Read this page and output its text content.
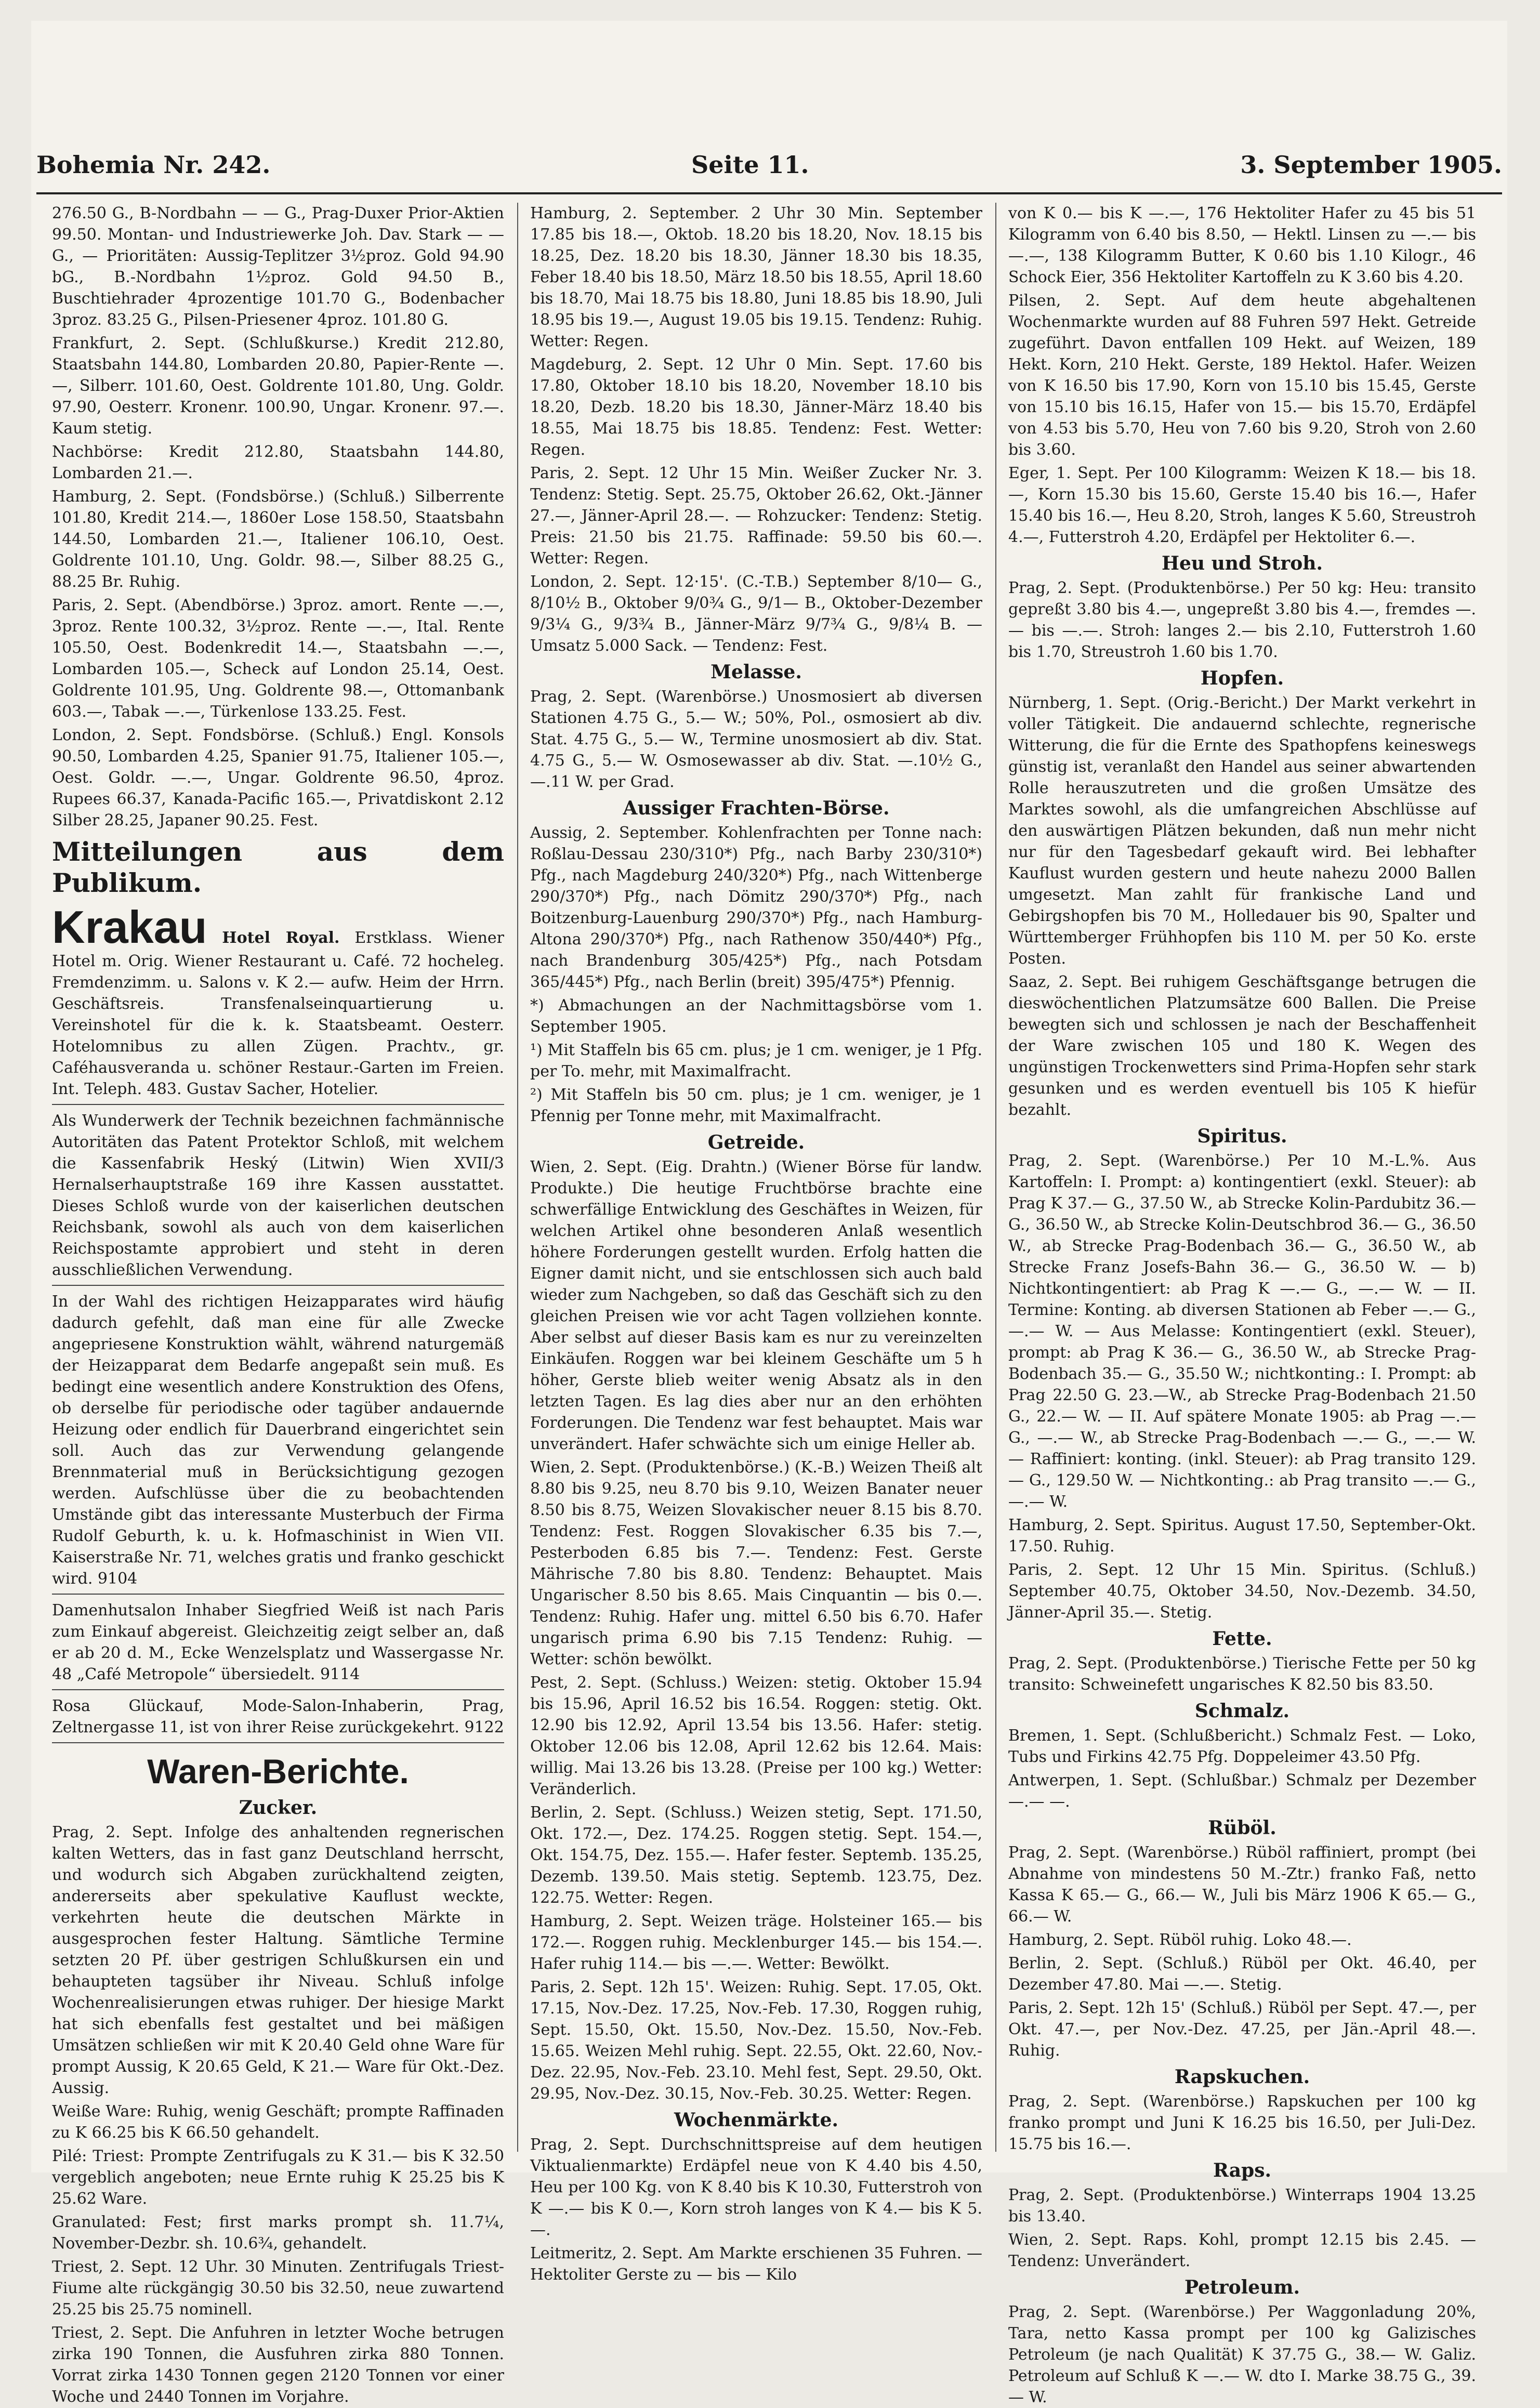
Bohemia Nr. 242.	Seite 11.	3. September 1905.

276.50 G., B-Nordbahn — — G., Prag-Duxer Prior-Aktien 99.50. Montan- und Industriewerke Joh. Dav. Stark — — G., — Prioritäten: Aussig-Teplitzer 3½proz. Gold 94.90 bG., B.-Nordbahn 1½proz. Gold 94.50 B., Buschtiehrader 4prozentige 101.70 G., Bodenbacher 3proz. 83.25 G., Pilsen-Priesener 4proz. 101.80 G.

Frankfurt, 2. Sept. (Schlußkurse.) Kredit 212.80, Staatsbahn 144.80, Lombarden 20.80, Papier-Rente —.—, Silberr. 101.60, Oest. Goldrente 101.80, Ung. Goldr. 97.90, Oesterr. Kronenr. 100.90, Ungar. Kronenr. 97.—. Kaum stetig.

Nachbörse: Kredit 212.80, Staatsbahn 144.80, Lombarden 21.—.

Hamburg, 2. Sept. (Fondsbörse.) (Schluß.) Silberrente 101.80, Kredit 214.—, 1860er Lose 158.50, Staatsbahn 144.50, Lombarden 21.—, Italiener 106.10, Oest. Goldrente 101.10, Ung. Goldr. 98.—, Silber 88.25 G., 88.25 Br. Ruhig.

Paris, 2. Sept. (Abendbörse.) 3proz. amort. Rente —.—, 3proz. Rente 100.32, 3½proz. Rente —.—, Ital. Rente 105.50, Oest. Bodenkredit 14.—, Staatsbahn —.—, Lombarden 105.—, Scheck auf London 25.14, Oest. Goldrente 101.95, Ung. Goldrente 98.—, Ottomanbank 603.—, Tabak —.—, Türkenlose 133.25. Fest.

London, 2. Sept. Fondsbörse. (Schluß.) Engl. Konsols 90.50, Lombarden 4.25, Spanier 91.75, Italiener 105.—, Oest. Goldr. —.—, Ungar. Goldrente 96.50, 4proz. Rupees 66.37, Kanada-Pacific 165.—, Privatdiskont 2.12 Silber 28.25, Japaner 90.25. Fest.

Mitteilungen aus dem Publikum.
Krakau Hotel Royal. Erstklass. Wiener Hotel m. Orig. Wiener Restaurant u. Café. 72 hocheleg. Fremdenzimm. u. Salons v. K 2.— aufw. Heim der Hrrn. Geschäftsreis. Transfenalseinquartierung u. Vereinshotel für die k. k. Staatsbeamt. Oesterr. Hotelomnibus zu allen Zügen. Prachtv., gr. Caféhausveranda u. schöner Restaur.-Garten im Freien. Int. Teleph. 483. Gustav Sacher, Hotelier.

Als Wunderwerk der Technik bezeichnen fachmännische Autoritäten das Patent Protektor Schloß, mit welchem die Kassenfabrik Heský (Litwin) Wien XVII/3 Hernalserhauptstraße 169 ihre Kassen ausstattet. Dieses Schloß wurde von der kaiserlichen deutschen Reichsbank, sowohl als auch von dem kaiserlichen Reichspostamte approbiert und steht in deren ausschließlichen Verwendung.

In der Wahl des richtigen Heizapparates wird häufig dadurch gefehlt, daß man eine für alle Zwecke angepriesene Konstruktion wählt, während naturgemäß der Heizapparat dem Bedarfe angepaßt sein muß. Es bedingt eine wesentlich andere Konstruktion des Ofens, ob derselbe für periodische oder tagüber andauernde Heizung oder endlich für Dauerbrand eingerichtet sein soll. Auch das zur Verwendung gelangende Brennmaterial muß in Berücksichtigung gezogen werden. Aufschlüsse über die zu beobachtenden Umstände gibt das interessante Musterbuch der Firma Rudolf Geburth, k. u. k. Hofmaschinist in Wien VII. Kaiserstraße Nr. 71, welches gratis und franko geschickt wird. 9104

Damenhutsalon Inhaber Siegfried Weiß ist nach Paris zum Einkauf abgereist. Gleichzeitig zeigt selber an, daß er ab 20 d. M., Ecke Wenzelsplatz und Wassergasse Nr. 48 „Café Metropole“ übersiedelt. 9114

Rosa Glückauf, Mode-Salon-Inhaberin, Prag, Zeltnergasse 11, ist von ihrer Reise zurückgekehrt. 9122

Waren-Berichte.
Zucker.

Prag, 2. Sept. Infolge des anhaltenden regnerischen kalten Wetters, das in fast ganz Deutschland herrscht, und wodurch sich Abgaben zurückhaltend zeigten, andererseits aber spekulative Kauflust weckte, verkehrten heute die deutschen Märkte in ausgesprochen fester Haltung. Sämtliche Termine setzten 20 Pf. über gestrigen Schlußkursen ein und behaupteten tagsüber ihr Niveau. Schluß infolge Wochenrealisierungen etwas ruhiger. Der hiesige Markt hat sich ebenfalls fest gestaltet und bei mäßigen Umsätzen schließen wir mit K 20.40 Geld ohne Ware für prompt Aussig, K 20.65 Geld, K 21.— Ware für Okt.-Dez. Aussig.

Weiße Ware: Ruhig, wenig Geschäft; prompte Raffinaden zu K 66.25 bis K 66.50 gehandelt.

Pilé: Triest: Prompte Zentrifugals zu K 31.— bis K 32.50 vergeblich angeboten; neue Ernte ruhig K 25.25 bis K 25.62 Ware.

Granulated: Fest; first marks prompt sh. 11.7¼, November-Dezbr. sh. 10.6¾, gehandelt.

Triest, 2. Sept. 12 Uhr. 30 Minuten. Zentrifugals Triest-Fiume alte rückgängig 30.50 bis 32.50, neue zuwartend 25.25 bis 25.75 nominell.

Triest, 2. Sept. Die Anfuhren in letzter Woche betrugen zirka 190 Tonnen, die Ausfuhren zirka 880 Tonnen. Vorrat zirka 1430 Tonnen gegen 2120 Tonnen vor einer Woche und 2440 Tonnen im Vorjahre.

Hamburg, 2. September. 2 Uhr 30 Min. September 17.85 bis 18.—, Oktob. 18.20 bis 18.20, Nov. 18.15 bis 18.25, Dez. 18.20 bis 18.30, Jänner 18.30 bis 18.35, Feber 18.40 bis 18.50, März 18.50 bis 18.55, April 18.60 bis 18.70, Mai 18.75 bis 18.80, Juni 18.85 bis 18.90, Juli 18.95 bis 19.—, August 19.05 bis 19.15. Tendenz: Ruhig. Wetter: Regen.

Magdeburg, 2. Sept. 12 Uhr 0 Min. Sept. 17.60 bis 17.80, Oktober 18.10 bis 18.20, November 18.10 bis 18.20, Dezb. 18.20 bis 18.30, Jänner-März 18.40 bis 18.55, Mai 18.75 bis 18.85. Tendenz: Fest. Wetter: Regen.

Paris, 2. Sept. 12 Uhr 15 Min. Weißer Zucker Nr. 3. Tendenz: Stetig. Sept. 25.75, Oktober 26.62, Okt.-Jänner 27.—, Jänner-April 28.—. — Rohzucker: Tendenz: Stetig. Preis: 21.50 bis 21.75. Raffinade: 59.50 bis 60.—. Wetter: Regen.

London, 2. Sept. 12·15'. (C.-T.B.) September 8/10— G., 8/10½ B., Oktober 9/0¾ G., 9/1— B., Oktober-Dezember 9/3¼ G., 9/3¾ B., Jänner-März 9/7¾ G., 9/8¼ B. — Umsatz 5.000 Sack. — Tendenz: Fest.

Melasse.

Prag, 2. Sept. (Warenbörse.) Unosmosiert ab diversen Stationen 4.75 G., 5.— W.; 50%, Pol., osmosiert ab div. Stat. 4.75 G., 5.— W., Termine unosmosiert ab div. Stat. 4.75 G., 5.— W. Osmosewasser ab div. Stat. —.10½ G., —.11 W. per Grad.

Aussiger Frachten-Börse.

Aussig, 2. September. Kohlenfrachten per Tonne nach: Roßlau-Dessau 230/310*) Pfg., nach Barby 230/310*) Pfg., nach Magdeburg 240/320*) Pfg., nach Wittenberge 290/370*) Pfg., nach Dömitz 290/370*) Pfg., nach Boitzenburg-Lauenburg 290/370*) Pfg., nach Hamburg-Altona 290/370*) Pfg., nach Rathenow 350/440*) Pfg., nach Brandenburg 305/425*) Pfg., nach Potsdam 365/445*) Pfg., nach Berlin (breit) 395/475*) Pfennig.

*) Abmachungen an der Nachmittagsbörse vom 1. September 1905.

¹) Mit Staffeln bis 65 cm. plus; je 1 cm. weniger, je 1 Pfg. per To. mehr, mit Maximalfracht.

²) Mit Staffeln bis 50 cm. plus; je 1 cm. weniger, je 1 Pfennig per Tonne mehr, mit Maximalfracht.

Getreide.

Wien, 2. Sept. (Eig. Drahtn.) (Wiener Börse für landw. Produkte.) Die heutige Fruchtbörse brachte eine schwerfällige Entwicklung des Geschäftes in Weizen, für welchen Artikel ohne besonderen Anlaß wesentlich höhere Forderungen gestellt wurden. Erfolg hatten die Eigner damit nicht, und sie entschlossen sich auch bald wieder zum Nachgeben, so daß das Geschäft sich zu den gleichen Preisen wie vor acht Tagen vollziehen konnte. Aber selbst auf dieser Basis kam es nur zu vereinzelten Einkäufen. Roggen war bei kleinem Geschäfte um 5 h höher, Gerste blieb weiter wenig Absatz als in den letzten Tagen. Es lag dies aber nur an den erhöhten Forderungen. Die Tendenz war fest behauptet. Mais war unverändert. Hafer schwächte sich um einige Heller ab.

Wien, 2. Sept. (Produktenbörse.) (K.-B.) Weizen Theiß alt 8.80 bis 9.25, neu 8.70 bis 9.10, Weizen Banater neuer 8.50 bis 8.75, Weizen Slovakischer neuer 8.15 bis 8.70. Tendenz: Fest. Roggen Slovakischer 6.35 bis 7.—, Pesterboden 6.85 bis 7.—. Tendenz: Fest. Gerste Mährische 7.80 bis 8.80. Tendenz: Behauptet. Mais Ungarischer 8.50 bis 8.65. Mais Cinquantin — bis 0.—. Tendenz: Ruhig. Hafer ung. mittel 6.50 bis 6.70. Hafer ungarisch prima 6.90 bis 7.15 Tendenz: Ruhig. — Wetter: schön bewölkt.

Pest, 2. Sept. (Schluss.) Weizen: stetig. Oktober 15.94 bis 15.96, April 16.52 bis 16.54. Roggen: stetig. Okt. 12.90 bis 12.92, April 13.54 bis 13.56. Hafer: stetig. Oktober 12.06 bis 12.08, April 12.62 bis 12.64. Mais: willig. Mai 13.26 bis 13.28. (Preise per 100 kg.) Wetter: Veränderlich.

Berlin, 2. Sept. (Schluss.) Weizen stetig, Sept. 171.50, Okt. 172.—, Dez. 174.25. Roggen stetig. Sept. 154.—, Okt. 154.75, Dez. 155.—. Hafer fester. Septemb. 135.25, Dezemb. 139.50. Mais stetig. Septemb. 123.75, Dez. 122.75. Wetter: Regen.

Hamburg, 2. Sept. Weizen träge. Holsteiner 165.— bis 172.—. Roggen ruhig. Mecklenburger 145.— bis 154.—. Hafer ruhig 114.— bis —.—. Wetter: Bewölkt.

Paris, 2. Sept. 12h 15'. Weizen: Ruhig. Sept. 17.05, Okt. 17.15, Nov.-Dez. 17.25, Nov.-Feb. 17.30, Roggen ruhig, Sept. 15.50, Okt. 15.50, Nov.-Dez. 15.50, Nov.-Feb. 15.65. Weizen Mehl ruhig. Sept. 22.55, Okt. 22.60, Nov.-Dez. 22.95, Nov.-Feb. 23.10. Mehl fest, Sept. 29.50, Okt. 29.95, Nov.-Dez. 30.15, Nov.-Feb. 30.25. Wetter: Regen.

Wochenmärkte.

Prag, 2. Sept. Durchschnittspreise auf dem heutigen Viktualienmarkte) Erdäpfel neue von K 4.40 bis 4.50, Heu per 100 Kg. von K 8.40 bis K 10.30, Futterstroh von K —.— bis K 0.—, Korn stroh langes von K 4.— bis K 5.—.

Leitmeritz, 2. Sept. Am Markte erschienen 35 Fuhren. — Hektoliter Gerste zu — bis — Kilo

von K 0.— bis K —.—, 176 Hektoliter Hafer zu 45 bis 51 Kilogramm von 6.40 bis 8.50, — Hektl. Linsen zu —.— bis —.—, 138 Kilogramm Butter, K 0.60 bis 1.10 Kilogr., 46 Schock Eier, 356 Hektoliter Kartoffeln zu K 3.60 bis 4.20.

Pilsen, 2. Sept. Auf dem heute abgehaltenen Wochenmarkte wurden auf 88 Fuhren 597 Hekt. Getreide zugeführt. Davon entfallen 109 Hekt. auf Weizen, 189 Hekt. Korn, 210 Hekt. Gerste, 189 Hektol. Hafer. Weizen von K 16.50 bis 17.90, Korn von 15.10 bis 15.45, Gerste von 15.10 bis 16.15, Hafer von 15.— bis 15.70, Erdäpfel von 4.53 bis 5.70, Heu von 7.60 bis 9.20, Stroh von 2.60 bis 3.60.

Eger, 1. Sept. Per 100 Kilogramm: Weizen K 18.— bis 18.—, Korn 15.30 bis 15.60, Gerste 15.40 bis 16.—, Hafer 15.40 bis 16.—, Heu 8.20, Stroh, langes K 5.60, Streustroh 4.—, Futterstroh 4.20, Erdäpfel per Hektoliter 6.—.

Heu und Stroh.

Prag, 2. Sept. (Produktenbörse.) Per 50 kg: Heu: transito gepreßt 3.80 bis 4.—, ungepreßt 3.80 bis 4.—, fremdes —.— bis —.—. Stroh: langes 2.— bis 2.10, Futterstroh 1.60 bis 1.70, Streustroh 1.60 bis 1.70.

Hopfen.

Nürnberg, 1. Sept. (Orig.-Bericht.) Der Markt verkehrt in voller Tätigkeit. Die andauernd schlechte, regnerische Witterung, die für die Ernte des Spathopfens keineswegs günstig ist, veranlaßt den Handel aus seiner abwartenden Rolle herauszutreten und die großen Umsätze des Marktes sowohl, als die umfangreichen Abschlüsse auf den auswärtigen Plätzen bekunden, daß nun mehr nicht nur für den Tagesbedarf gekauft wird. Bei lebhafter Kauflust wurden gestern und heute nahezu 2000 Ballen umgesetzt. Man zahlt für frankische Land und Gebirgshopfen bis 70 M., Holledauer bis 90, Spalter und Württemberger Frühhopfen bis 110 M. per 50 Ko. erste Posten.

Saaz, 2. Sept. Bei ruhigem Geschäftsgange betrugen die dieswöchentlichen Platzumsätze 600 Ballen. Die Preise bewegten sich und schlossen je nach der Beschaffenheit der Ware zwischen 105 und 180 K. Wegen des ungünstigen Trockenwetters sind Prima-Hopfen sehr stark gesunken und es werden eventuell bis 105 K hiefür bezahlt.

Spiritus.

Prag, 2. Sept. (Warenbörse.) Per 10 M.-L.%. Aus Kartoffeln: I. Prompt: a) kontingentiert (exkl. Steuer): ab Prag K 37.— G., 37.50 W., ab Strecke Kolin-Pardubitz 36.— G., 36.50 W., ab Strecke Kolin-Deutschbrod 36.— G., 36.50 W., ab Strecke Prag-Bodenbach 36.— G., 36.50 W., ab Strecke Franz Josefs-Bahn 36.— G., 36.50 W. — b) Nichtkontingentiert: ab Prag K —.— G., —.— W. — II. Termine: Konting. ab diversen Stationen ab Feber —.— G., —.— W. — Aus Melasse: Kontingentiert (exkl. Steuer), prompt: ab Prag K 36.— G., 36.50 W., ab Strecke Prag-Bodenbach 35.— G., 35.50 W.; nichtkonting.: I. Prompt: ab Prag 22.50 G. 23.—W., ab Strecke Prag-Bodenbach 21.50 G., 22.— W. — II. Auf spätere Monate 1905: ab Prag —.— G., —.— W., ab Strecke Prag-Bodenbach —.— G., —.— W. — Raffiniert: konting. (inkl. Steuer): ab Prag transito 129.— G., 129.50 W. — Nichtkonting.: ab Prag transito —.— G., —.— W.

Hamburg, 2. Sept. Spiritus. August 17.50, September-Okt. 17.50. Ruhig.

Paris, 2. Sept. 12 Uhr 15 Min. Spiritus. (Schluß.) September 40.75, Oktober 34.50, Nov.-Dezemb. 34.50, Jänner-April 35.—. Stetig.

Fette.

Prag, 2. Sept. (Produktenbörse.) Tierische Fette per 50 kg transito: Schweinefett ungarisches K 82.50 bis 83.50.

Schmalz.

Bremen, 1. Sept. (Schlußbericht.) Schmalz Fest. — Loko, Tubs und Firkins 42.75 Pfg. Doppeleimer 43.50 Pfg.

Antwerpen, 1. Sept. (Schlußbar.) Schmalz per Dezember —.— —.

Rüböl.

Prag, 2. Sept. (Warenbörse.) Rüböl raffiniert, prompt (bei Abnahme von mindestens 50 M.-Ztr.) franko Faß, netto Kassa K 65.— G., 66.— W., Juli bis März 1906 K 65.— G., 66.— W.

Hamburg, 2. Sept. Rüböl ruhig. Loko 48.—.

Berlin, 2. Sept. (Schluß.) Rüböl per Okt. 46.40, per Dezember 47.80. Mai —.—. Stetig.

Paris, 2. Sept. 12h 15' (Schluß.) Rüböl per Sept. 47.—, per Okt. 47.—, per Nov.-Dez. 47.25, per Jän.-April 48.—. Ruhig.

Rapskuchen.

Prag, 2. Sept. (Warenbörse.) Rapskuchen per 100 kg franko prompt und Juni K 16.25 bis 16.50, per Juli-Dez. 15.75 bis 16.—.

Raps.

Prag, 2. Sept. (Produktenbörse.) Winterraps 1904 13.25 bis 13.40.

Wien, 2. Sept. Raps. Kohl, prompt 12.15 bis 2.45. — Tendenz: Unverändert.

Petroleum.

Prag, 2. Sept. (Warenbörse.) Per Waggonladung 20%, Tara, netto Kassa prompt per 100 kg Galizisches Petroleum (je nach Qualität) K 37.75 G., 38.— W. Galiz. Petroleum auf Schluß K —.— W. dto I. Marke 38.75 G., 39.— W.
